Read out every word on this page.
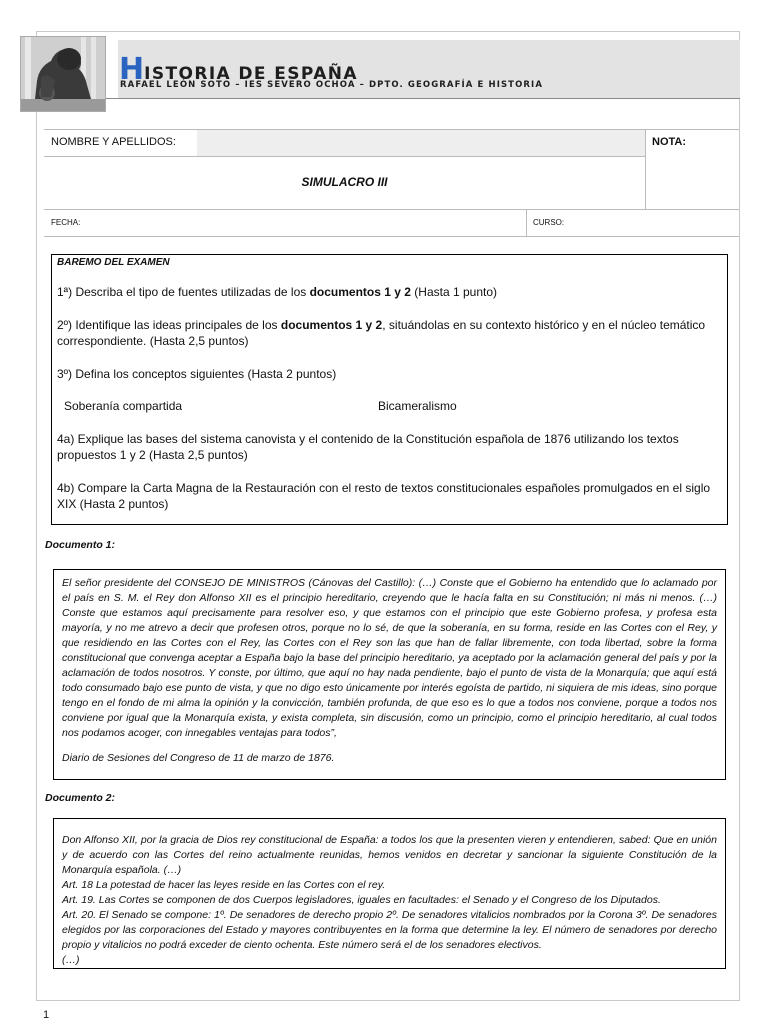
HISTORIA DE ESPAÑA

RAFAEL LEÓN SOTO – IES SEVERO OCHOA – DPTO. GEOGRAFÍA E HISTORIA

NOMBRE Y APELLIDOS:	NOTA:
SIMULACRO III
FECHA:	CURSO:

BAREMO DEL EXAMEN

1ª) Describa el tipo de fuentes utilizadas de los documentos 1 y 2 (Hasta 1 punto)

2º) Identifique las ideas principales de los documentos 1 y 2, situándolas en su contexto histórico y en el núcleo temático correspondiente. (Hasta 2,5 puntos)

3º) Defina los conceptos siguientes (Hasta 2 puntos)

Soberanía compartida	Bicameralismo

4a) Explique las bases del sistema canovista y el contenido de la Constitución española de 1876 utilizando los textos propuestos 1 y 2 (Hasta 2,5 puntos)

4b) Compare la Carta Magna de la Restauración con el resto de textos constitucionales españoles promulgados en el siglo XIX (Hasta 2 puntos)

Documento 1:

El señor presidente del CONSEJO DE MINISTROS (Cánovas del Castillo): (…) Conste que el Gobierno ha entendido que lo aclamado por el país en S. M. el Rey don Alfonso XII es el principio hereditario, creyendo que le hacía falta en su Constitución; ni más ni menos. (…) Conste que estamos aquí precisamente para resolver eso, y que estamos con el principio que este Gobierno profesa, y profesa esta mayoría, y no me atrevo a decir que profesen otros, porque no lo sé, de que la soberanía, en su forma, reside en las Cortes con el Rey, y que residiendo en las Cortes con el Rey, las Cortes con el Rey son las que han de fallar libremente, con toda libertad, sobre la forma constitucional que convenga aceptar a España bajo la base del principio hereditario, ya aceptado por la aclamación general del país y por la aclamación de todos nosotros. Y conste, por último, que aquí no hay nada pendiente, bajo el punto de vista de la Monarquía; que aquí está todo consumado bajo ese punto de vista, y que no digo esto únicamente por interés egoísta de partido, ni siquiera de mis ideas, sino porque tengo en el fondo de mi alma la opinión y la convicción, también profunda, de que eso es lo que a todos nos conviene, porque a todos nos conviene por igual que la Monarquía exista, y exista completa, sin discusión, como un principio, como el principio hereditario, al cual todos nos podamos acoger, con innegables ventajas para todos”,

Diario de Sesiones del Congreso de 11 de marzo de 1876.

Documento 2:

Don Alfonso XII, por la gracia de Dios rey constitucional de España: a todos los que la presenten vieren y entendieren, sabed: Que en unión y de acuerdo con las Cortes del reino actualmente reunidas, hemos venidos en decretar y sancionar la siguiente Constitución de la Monarquía española. (…)

Art. 18 La potestad de hacer las leyes reside en las Cortes con el rey.

Art. 19. Las Cortes se componen de dos Cuerpos legisladores, iguales en facultades: el Senado y el Congreso de los Diputados.

Art. 20. El Senado se compone: 1º. De senadores de derecho propio 2º. De senadores vitalicios nombrados por la Corona 3º. De senadores elegidos por las corporaciones del Estado y mayores contribuyentes en la forma que determine la ley. El número de senadores por derecho propio y vitalicios no podrá exceder de ciento ochenta. Este número será el de los senadores electivos.

(…)

1
